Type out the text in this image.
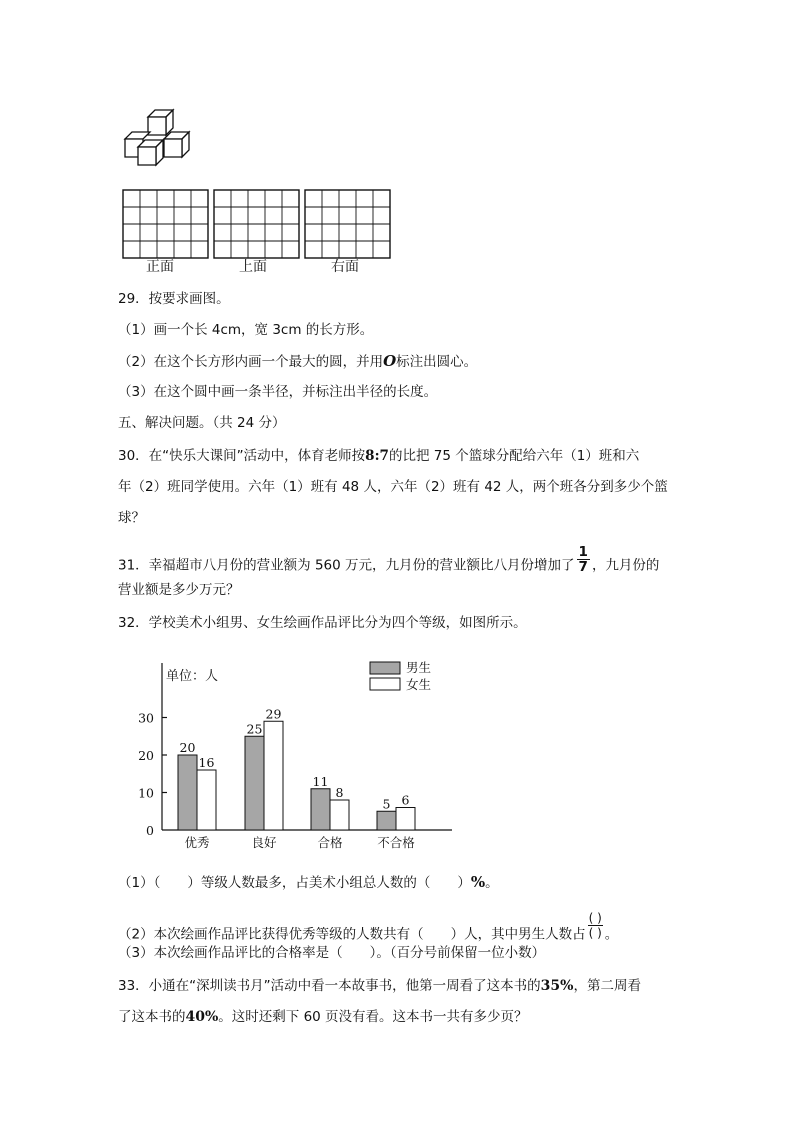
正面	上面	右面
29．按要求画图。
（1）画一个长 4cm，宽 3cm 的长方形。
（2）在这个长方形内画一个最大的圆，并用O标注出圆心。
（3）在这个圆中画一条半径，并标注出半径的长度。
五、解决问题。（共 24 分）
30．在“快乐大课间”活动中，体育老师按8:7的比把 75 个篮球分配给六年（1）班和六
年（2）班同学使用。六年（1）班有 48 人，六年（2）班有 42 人，两个班各分到多少个篮
球？
31．幸福超市八月份的营业额为 560 万元，九月份的营业额比八月份增加了 $\frac{1}{7}$ ，九月份的
营业额是多少万元？
32．学校美术小组男、女生绘画作品评比分为四个等级，如图所示。
单位：人
男生
女生
0
10
20
30
20
16
25
29
11
8
5 6
优秀	良好	合格	不合格
（1）（　　）等级人数最多，占美术小组总人数的（　　）%。
（2）本次绘画作品评比获得优秀等级的人数共有（　　）人，其中男生人数占
( )
( ) 。
（3）本次绘画作品评比的合格率是（　　）。（百分号前保留一位小数）
33．小通在“深圳读书月”活动中看一本故事书，他第一周看了这本书的35%，第二周看
了这本书的40%。这时还剩下 60 页没有看。这本书一共有多少页？
